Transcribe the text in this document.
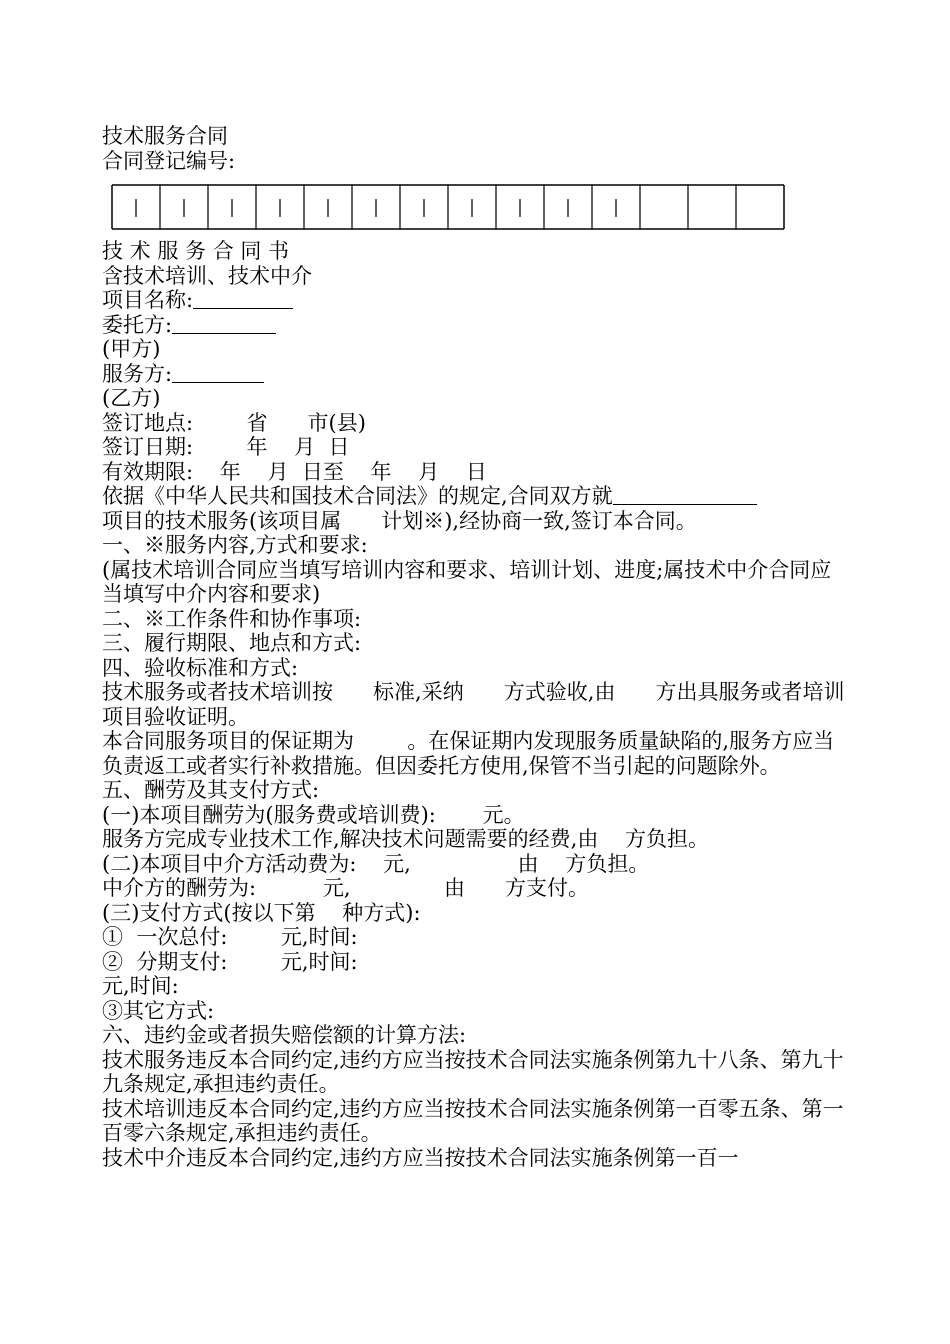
技术服务合同
合同登记编号:
技 术 服 务 合 同 书
含技术培训、技术中介
项目名称:
委托方:
(甲方)
服务方:
(乙方)
签订地点:        省      市(县)
签订日期:        年    月  日
有效期限:    年    月  日至    年    月    日
依据《中华人民共和国技术合同法》的规定,合同双方就
项目的技术服务(该项目属      计划※),经协商一致,签订本合同。
一、※服务内容,方式和要求:
(属技术培训合同应当填写培训内容和要求、培训计划、进度;属技术中介合同应当填写中介内容和要求)
二、※工作条件和协作事项:
三、履行期限、地点和方式:
四、验收标准和方式:
技术服务或者技术培训按      标准,采纳      方式验收,由      方出具服务或者培训项目验收证明。
本合同服务项目的保证期为        。在保证期内发现服务质量缺陷的,服务方应当负责返工或者实行补救措施。但因委托方使用,保管不当引起的问题除外。
五、酬劳及其支付方式:
(一)本项目酬劳为(服务费或培训费):       元。
服务方完成专业技术工作,解决技术问题需要的经费,由    方负担。
(二)本项目中介方活动费为:    元,                由    方负担。
中介方的酬劳为:          元,              由      方支付。
(三)支付方式(按以下第    种方式):
①  一次总付:        元,时间:
②  分期支付:        元,时间:
元,时间:
③其它方式:
六、违约金或者损失赔偿额的计算方法:
技术服务违反本合同约定,违约方应当按技术合同法实施条例第九十八条、第九十九条规定,承担违约责任。
技术培训违反本合同约定,违约方应当按技术合同法实施条例第一百零五条、第一百零六条规定,承担违约责任。
技术中介违反本合同约定,违约方应当按技术合同法实施条例第一百一
